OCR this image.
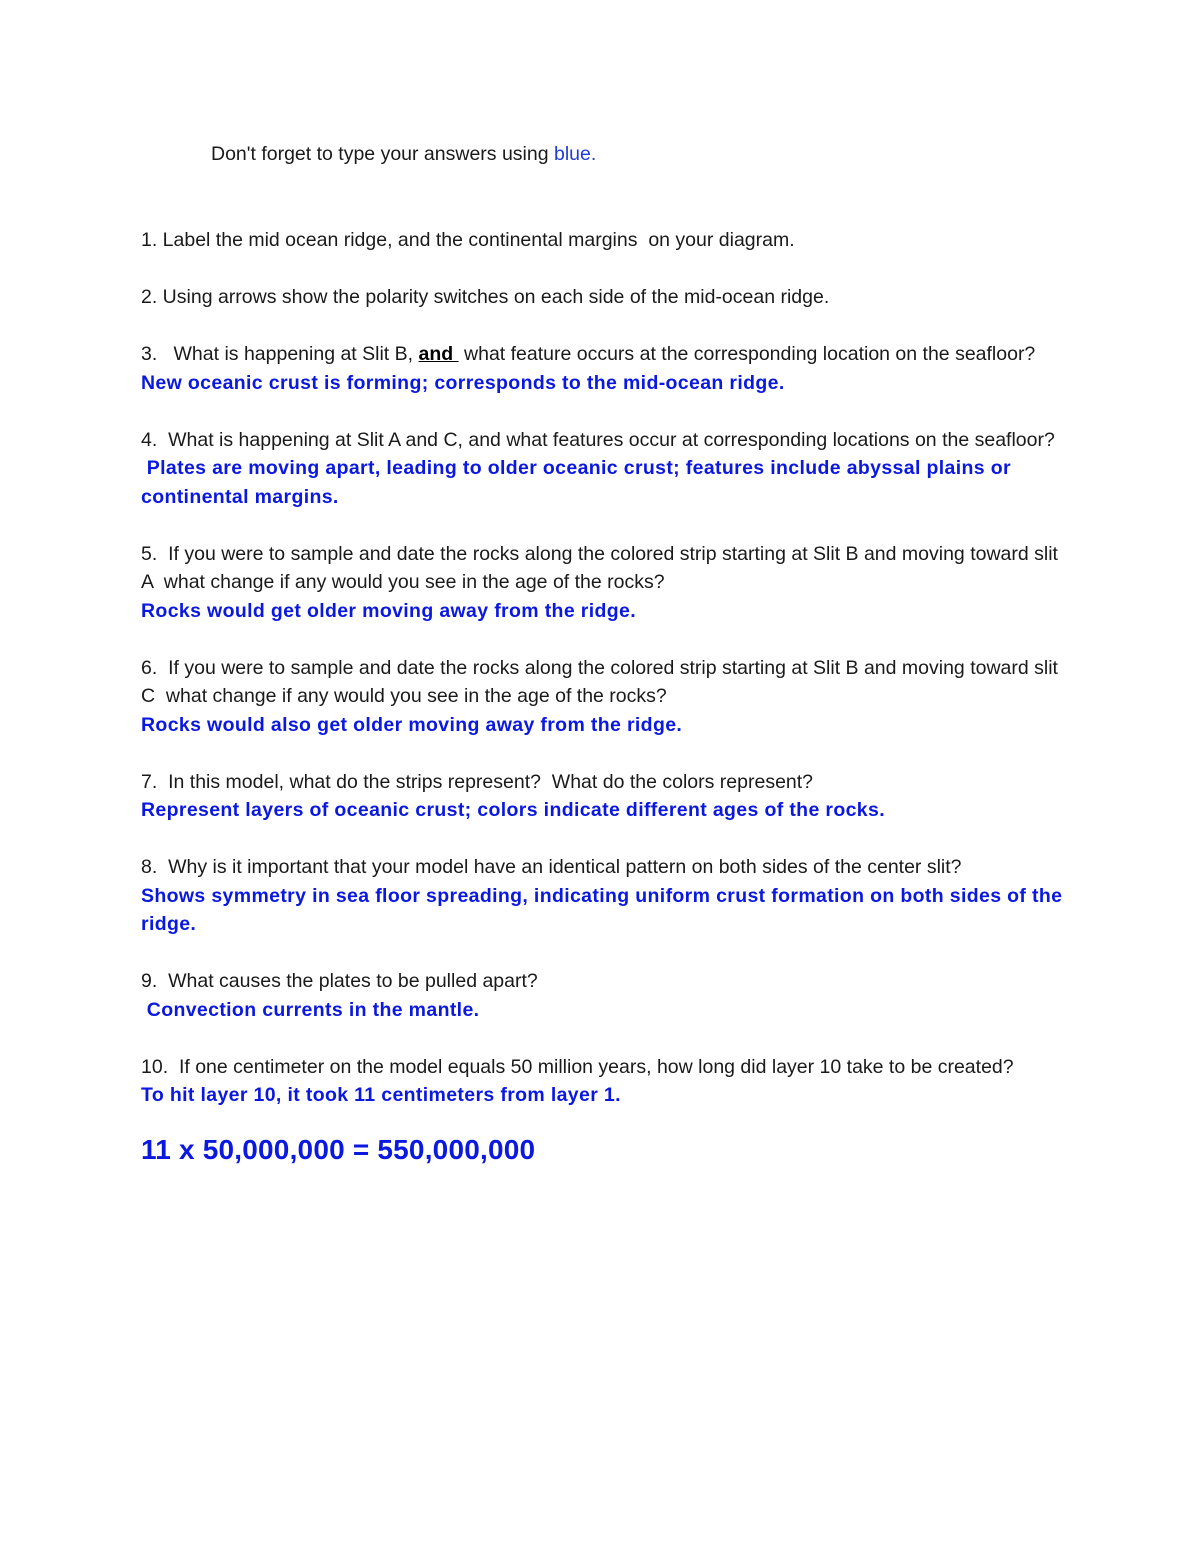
Don't forget to type your answers using blue.

1. Label the mid ocean ridge, and the continental margins  on your diagram.

2. Using arrows show the polarity switches on each side of the mid-ocean ridge.

3.   What is happening at Slit B, and  what feature occurs at the corresponding location on the seafloor?

New oceanic crust is forming; corresponds to the mid-ocean ridge.

4.  What is happening at Slit A and C, and what features occur at corresponding locations on the seafloor?

Plates are moving apart, leading to older oceanic crust; features include abyssal plains or continental margins.

5.  If you were to sample and date the rocks along the colored strip starting at Slit B and moving toward slit A  what change if any would you see in the age of the rocks?

Rocks would get older moving away from the ridge.

6.  If you were to sample and date the rocks along the colored strip starting at Slit B and moving toward slit C  what change if any would you see in the age of the rocks?

Rocks would also get older moving away from the ridge.

7.  In this model, what do the strips represent?  What do the colors represent?

Represent layers of oceanic crust; colors indicate different ages of the rocks.

8.  Why is it important that your model have an identical pattern on both sides of the center slit?

Shows symmetry in sea floor spreading, indicating uniform crust formation on both sides of the ridge.

9.  What causes the plates to be pulled apart?

Convection currents in the mantle.

10.  If one centimeter on the model equals 50 million years, how long did layer 10 take to be created?

To hit layer 10, it took 11 centimeters from layer 1.

11 x 50,000,000 = 550,000,000
